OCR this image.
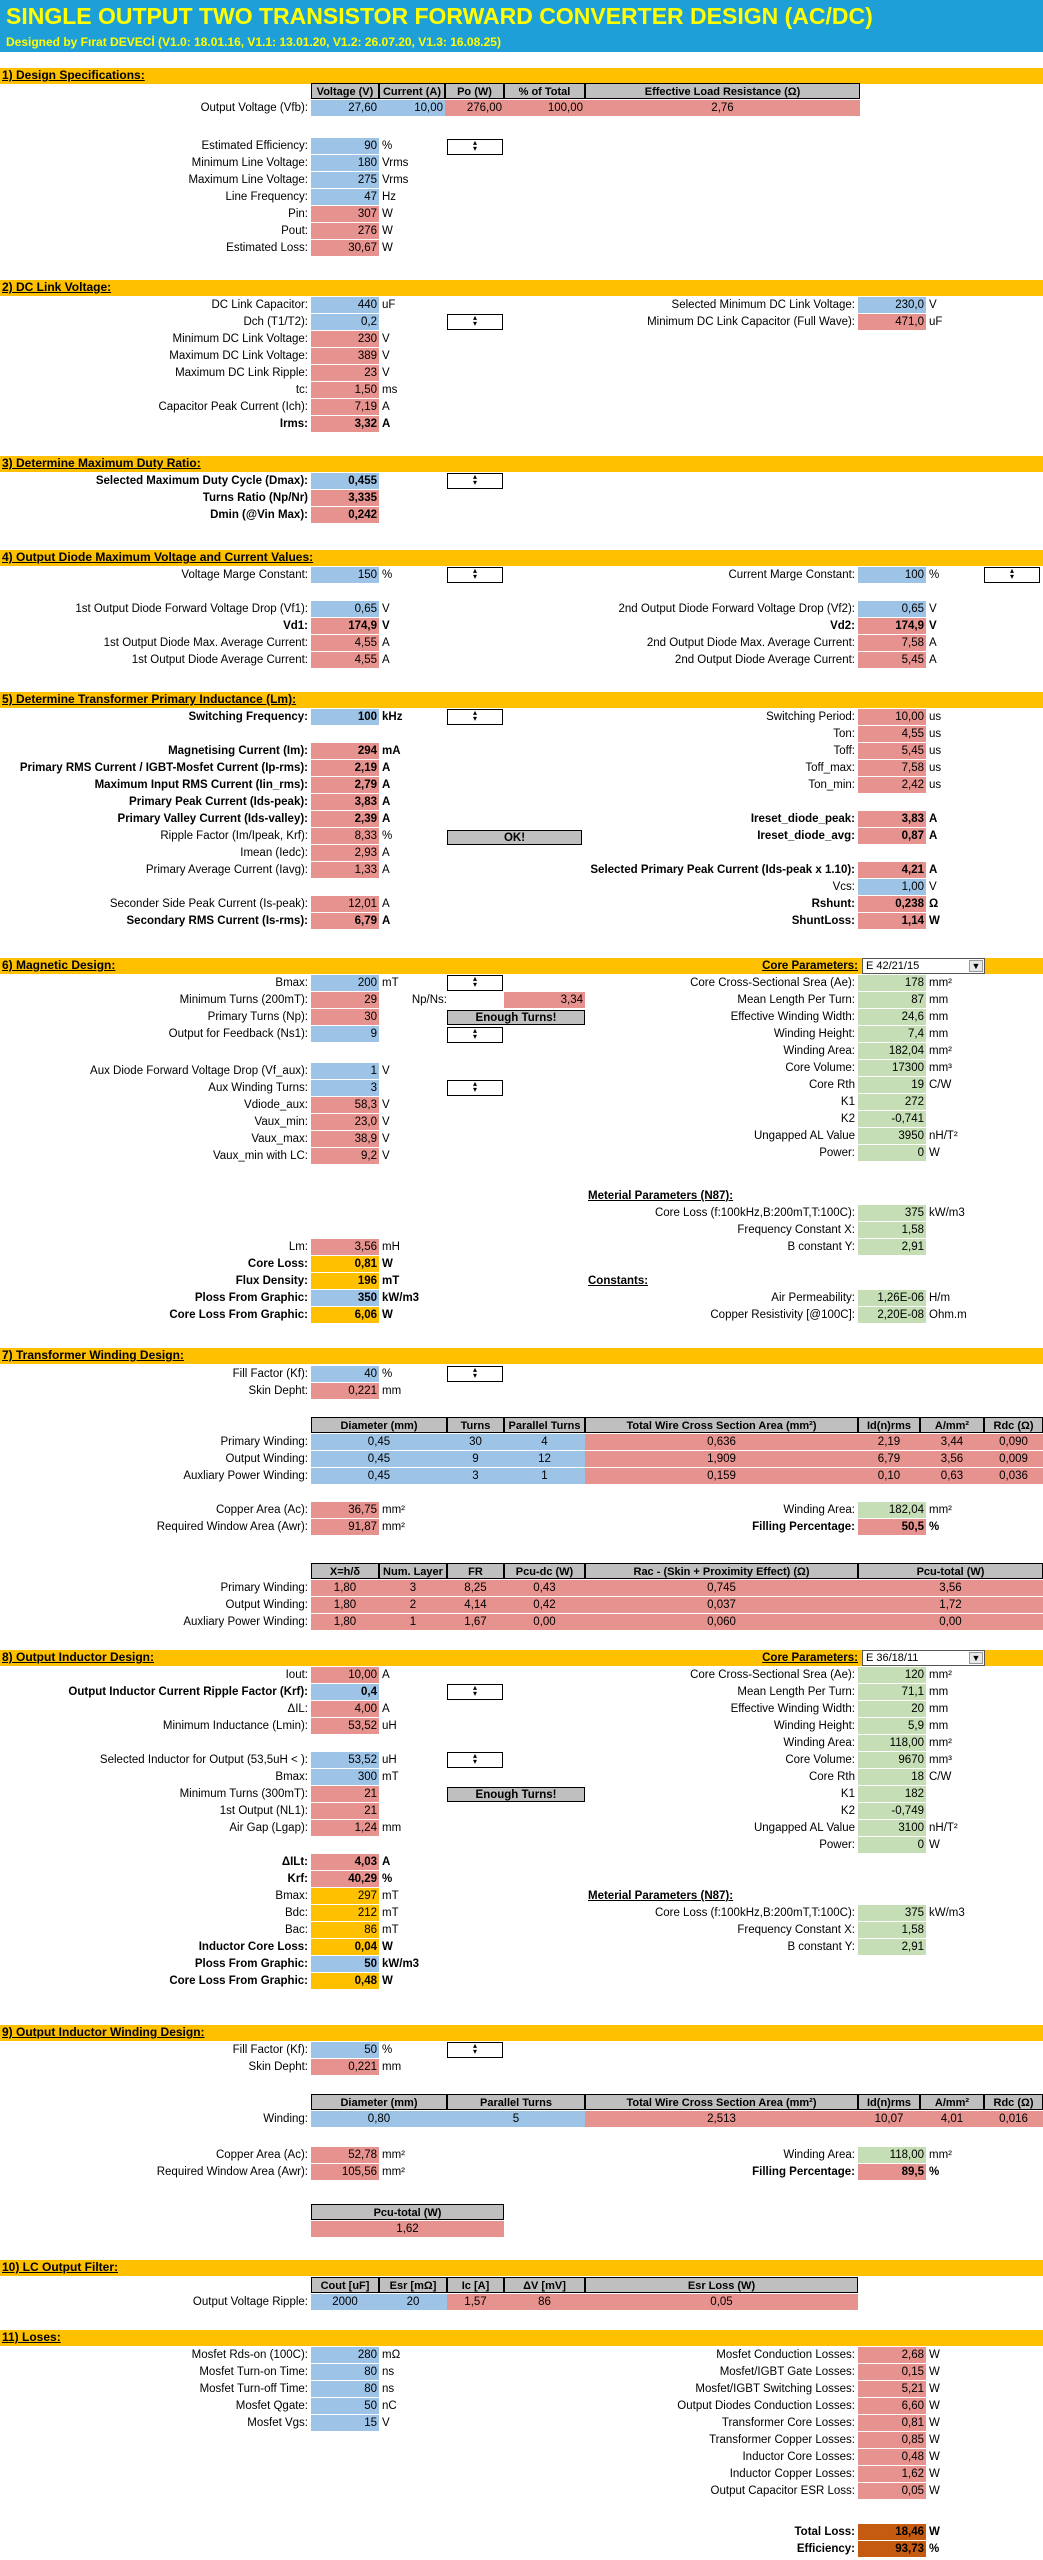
SINGLE OUTPUT TWO TRANSISTOR FORWARD CONVERTER DESIGN (AC/DC)
Designed by Fırat DEVECİ (V1.0: 18.01.16, V1.1: 13.01.20, V1.2: 26.07.20, V1.3: 16.08.25)
1) Design Specifications:
Voltage (V) Current (A)	Po (W)	% of Total	Effective Load Resistance (Ω)
Output Voltage (Vfb):	27,60	10,00	276,00	100,00	2,76
Estimated Efficiency:	90 %
Minimum Line Voltage:	180 Vrms
Maximum Line Voltage:	275 Vrms
Line Frequency:	47 Hz
Pin:	307 W
Pout:	276 W
Estimated Loss:	30,67 W
▴ ▾
2) DC Link Voltage:
DC Link Capacitor:	440 uF
Dch (T1/T2):	0,2
Minimum DC Link Voltage:	230 V
Maximum DC Link Voltage:	389 V
Maximum DC Link Ripple:	23 V
tc:	1,50 ms
Capacitor Peak Current (Ich):	7,19 A
Irms:	3,32 A
▴ ▾
Selected Minimum DC Link Voltage:	230,0 V
Minimum DC Link Capacitor (Full Wave):	471,0 uF
3) Determine Maximum Duty Ratio:
Selected Maximum Duty Cycle (Dmax):	0,455
Turns Ratio (Np/Nr)	3,335
Dmin (@Vin Max):	0,242
▴ ▾
4) Output Diode Maximum Voltage and Current Values:
Voltage Marge Constant:	150 % ▴ ▾	Current Marge Constant:	100 %
▴ ▾
1st Output Diode Forward Voltage Drop (Vf1):	0,65 V	2nd Output Diode Forward Voltage Drop (Vf2):	0,65 V
Vd1:	174,9 V	Vd2:	174,9 V
1st Output Diode Max. Average Current:	4,55 A	2nd Output Diode Max. Average Current:	7,58 A
1st Output Diode Average Current:	4,55 A	2nd Output Diode Average Current:	5,45 A
5) Determine Transformer Primary Inductance (Lm):
Switching Frequency:	100 kHz
▴ ▾
Magnetising Current (Im):	294 mA
Primary RMS Current / IGBT-Mosfet Current (Ip-rms):	2,19 A
Maximum Input RMS Current (Iin_rms):	2,79 A
Primary Peak Current (Ids-peak):	3,83 A
Primary Valley Current (Ids-valley):	2,39 A
Ripple Factor (Im/Ipeak, Krf):	8,33 %
Imean (Iedc):	2,93 A
Primary Average Current (Iavg):	1,33 A
OK!
Seconder Side Peak Current (Is-peak):	12,01 A
Secondary RMS Current (Is-rms):	6,79 A
Switching Period:	10,00 us
Ton:	4,55 us
Toff:	5,45 us
Toff_max:	7,58 us
Ton_min:	2,42 us
Ireset_diode_peak:	3,83 A
Ireset_diode_avg:	0,87 A
Selected Primary Peak Current (Ids-peak x 1.10):	4,21 A
Vcs:	1,00 V
Rshunt:	0,238 Ω
ShuntLoss:	1,14 W
6) Magnetic Design:
Bmax:	200 mT
Minimum Turns (200mT):	29
Primary Turns (Np):	30
Output for Feedback (Ns1):	9
▴ ▾
▴ ▾
Np/Ns:	3,34
Enough Turns!
Aux Diode Forward Voltage Drop (Vf_aux):	1 V
Aux Winding Turns:	3
Vdiode_aux:	58,3 V
Vaux_min:	23,0 V
Vaux_max:	38,9 V
Vaux_min with LC:	9,2 V
▴ ▾
Core Parameters: E 42/21/15	▼
Core Cross-Sectional Srea (Ae):	178 mm²
Mean Length Per Turn:	87 mm
Effective Winding Width:	24,6 mm
Winding Height:	7,4 mm
Winding Area:	182,04 mm²
Core Volume:	17300 mm³
Core Rth	19 C/W
K1	272
K2	-0,741
Ungapped AL Value	3950 nH/T²
Power:	0 W
Meterial Parameters (N87):
Core Loss (f:100kHz,B:200mT,T:100C):	375 kW/m3
Frequency Constant X:	1,58
B constant Y:	2,91
Constants:
Air Permeability:	1,26E-06 H/m
Copper Resistivity [@100C]:	2,20E-08 Ohm.m
Lm:	3,56 mH
Core Loss:	0,81 W
Flux Density:	196 mT
Ploss From Graphic:	350 kW/m3
Core Loss From Graphic:	6,06 W
7) Transformer Winding Design:
Fill Factor (Kf):	40 %
Skin Depht:	0,221 mm
▴ ▾
Diameter (mm)	Turns	Parallel Turns	Total Wire Cross Section Area (mm²)	Id(n)rms	A/mm²	Rdc (Ω)
Primary Winding:	0,45	30	4	0,636	2,19	3,44	0,090
Output Winding:	0,45	9	12	1,909	6,79	3,56	0,009
Auxliary Power Winding:	0,45	3	1	0,159	0,10	0,63	0,036
Copper Area (Ac):	36,75 mm²
Required Window Area (Awr):	91,87 mm²
Winding Area:	182,04 mm²
Filling Percentage:	50,5 %
X=h/δ	Num. Layer	FR	Pcu-dc (W)	Rac - (Skin + Proximity Effect) (Ω)	Pcu-total (W)
Primary Winding:	1,80	3	8,25	0,43	0,745	3,56
Output Winding:	1,80	2	4,14	0,42	0,037	1,72
Auxliary Power Winding:	1,80	1	1,67	0,00	0,060	0,00
8) Output Inductor Design:
Iout:	10,00 A
Output Inductor Current Ripple Factor (Krf):	0,4
ΔIL:	4,00 A
Minimum Inductance (Lmin):	53,52 uH
▴ ▾
Selected Inductor for Output (53,5uH < ):	53,52 uH
Bmax:	300 mT
Minimum Turns (300mT):	21
1st Output (NL1):	21
Air Gap (Lgap):	1,24 mm
▴ ▾
Enough Turns!
ΔILt:	4,03 A
Krf:	40,29 %
Bmax:	297 mT
Bdc:	212 mT
Bac:	86 mT
Inductor Core Loss:	0,04 W
Ploss From Graphic:	50 kW/m3
Core Loss From Graphic:	0,48 W
Core Parameters: E 36/18/11	▼
Core Cross-Sectional Srea (Ae):	120 mm²
Mean Length Per Turn:	71,1 mm
Effective Winding Width:	20 mm
Winding Height:	5,9 mm
Winding Area:	118,00 mm²
Core Volume:	9670 mm³
Core Rth	18 C/W
K1	182
K2	-0,749
Ungapped AL Value	3100 nH/T²
Power:	0 W
Meterial Parameters (N87):
Core Loss (f:100kHz,B:200mT,T:100C):	375 kW/m3
Frequency Constant X:	1,58
B constant Y:	2,91
9) Output Inductor Winding Design:
Fill Factor (Kf):	50 %
Skin Depht:	0,221 mm
▴ ▾
Diameter (mm)	Parallel Turns	Total Wire Cross Section Area (mm²)	Id(n)rms	A/mm²	Rdc (Ω)
Winding:	0,80	5	2,513	10,07	4,01	0,016
Copper Area (Ac):	52,78 mm²
Required Window Area (Awr):	105,56 mm²
Winding Area:	118,00 mm²
Filling Percentage:	89,5 %
Pcu-total (W)
1,62
10) LC Output Filter:
Cout [uF]	Esr [mΩ]	Ic [A]	ΔV [mV]	Esr Loss (W)
Output Voltage Ripple:	2000	20	1,57	86	0,05
11) Loses:
Mosfet Rds-on (100C):	280 mΩ
Mosfet Turn-on Time:	80 ns
Mosfet Turn-off Time:	80 ns
Mosfet Qgate:	50 nC
Mosfet Vgs:	15 V
Mosfet Conduction Losses:	2,68 W
Mosfet/IGBT Gate Losses:	0,15 W
Mosfet/IGBT Switching Losses:	5,21 W
Output Diodes Conduction Losses:	6,60 W
Transformer Core Losses:	0,81 W
Transformer Copper Losses:	0,85 W
Inductor Core Losses:	0,48 W
Inductor Copper Losses:	1,62 W
Output Capacitor ESR Loss:	0,05 W
Total Loss:	18,46 W
Efficiency:	93,73 %
